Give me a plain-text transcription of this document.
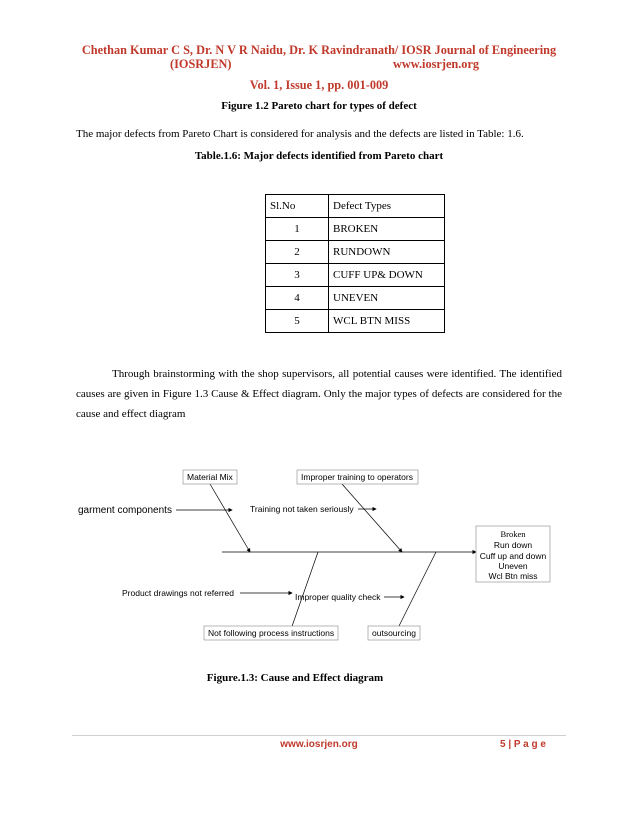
Chethan Kumar C S, Dr. N V R Naidu, Dr. K Ravindranath/ IOSR Journal of Engineering
(IOSRJEN)	www.iosrjen.org
Vol. 1, Issue 1, pp. 001-009
Figure 1.2 Pareto chart for types of defect
The major defects from Pareto Chart is considered for analysis and the defects are listed in Table: 1.6.
Table.1.6: Major defects identified from Pareto chart
Sl.No	Defect Types
1	BROKEN
2	RUNDOWN
3	CUFF UP& DOWN
4	UNEVEN
5	WCL BTN MISS
Through brainstorming with the shop supervisors, all potential causes were identified. The identified causes are given in Figure 1.3 Cause & Effect diagram. Only the major types of defects are considered for the cause and effect diagram
Material Mix	Improper training to operators
garment components	Training not taken seriously
Broken
Run down
Cuff up and down
Uneven
Wcl Btn miss
Product drawings not referred	Improper quality check
Not following process instructions	outsourcing
Figure.1.3: Cause and Effect diagram
www.iosrjen.org	5 | P a g e
